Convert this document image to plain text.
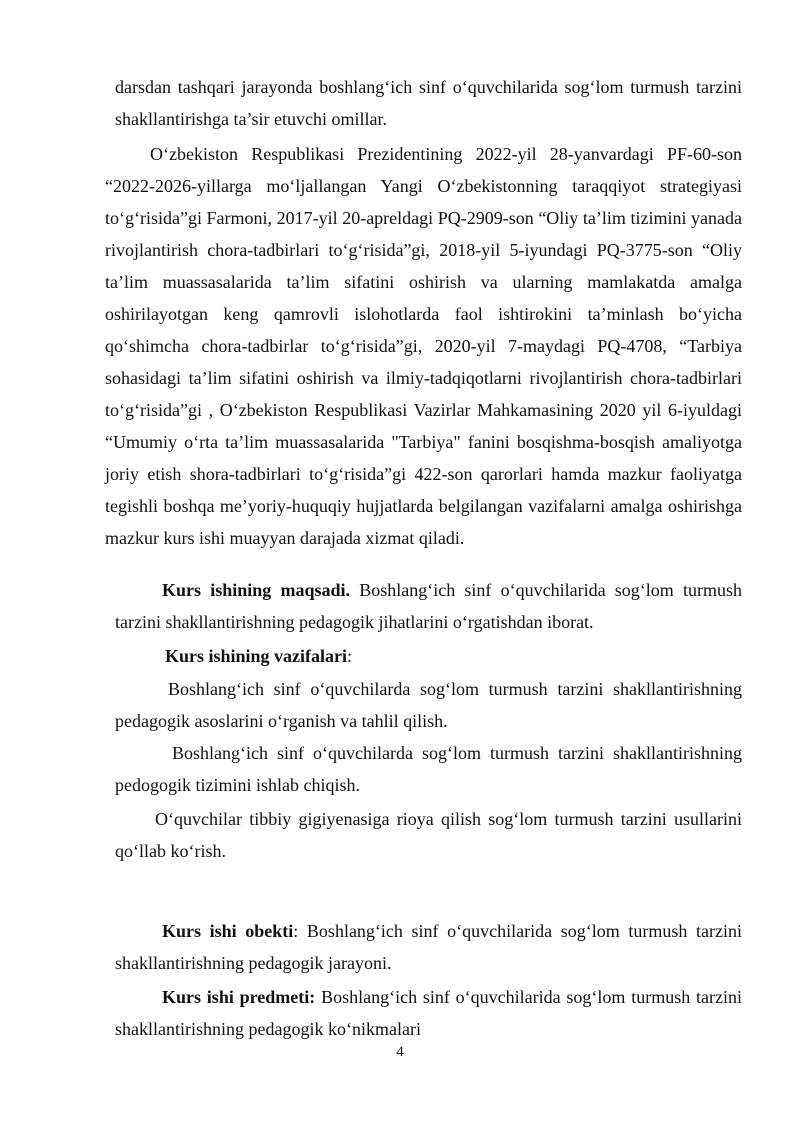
darsdan tashqari jarayonda boshlang‘ich sinf o‘quvchilarida sog‘lom turmush tarzini shakllantirishga ta’sir etuvchi omillar.

O‘zbekiston Respublikasi Prezidentining 2022-yil 28-yanvardagi PF-60-son “2022-2026-yillarga mo‘ljallangan Yangi O‘zbekistonning taraqqiyot strategiyasi to‘g‘risida”gi Farmoni, 2017-yil 20-apreldagi PQ-2909-son “Oliy ta’lim tizimini yanada rivojlantirish chora-tadbirlari to‘g‘risida”gi, 2018-yil 5-iyundagi PQ-3775-son “Oliy ta’lim muassasalarida ta’lim sifatini oshirish va ularning mamlakatda amalga oshirilayotgan keng qamrovli islohotlarda faol ishtirokini ta’minlash bo‘yicha qo‘shimcha chora-tadbirlar to‘g‘risida”gi, 2020-yil 7-maydagi PQ-4708, “Tarbiya sohasidagi ta’lim sifatini oshirish va ilmiy-tadqiqotlarni rivojlantirish chora-tadbirlari to‘g‘risida”gi , O‘zbekiston Respublikasi Vazirlar Mahkamasining 2020 yil 6-iyuldagi “Umumiy o‘rta ta’lim muassasalarida "Tarbiya" fanini bosqishma-bosqish amaliyotga joriy etish shora-tadbirlari to‘g‘risida”gi 422-son qarorlari hamda mazkur faoliyatga tegishli boshqa me’yoriy-huquqiy hujjatlarda belgilangan vazifalarni amalga oshirishga mazkur kurs ishi muayyan darajada xizmat qiladi.

Kurs ishining maqsadi. Boshlang‘ich sinf o‘quvchilarida sog‘lom turmush tarzini shakllantirishning pedagogik jihatlarini o‘rgatishdan iborat.

Kurs ishining vazifalari:

Boshlang‘ich sinf o‘quvchilarda sog‘lom turmush tarzini shakllantirishning pedagogik asoslarini o‘rganish va tahlil qilish.

Boshlang‘ich sinf o‘quvchilarda sog‘lom turmush tarzini shakllantirishning pedogogik tizimini ishlab chiqish.

O‘quvchilar tibbiy gigiyenasiga rioya qilish sog‘lom turmush tarzini usullarini qo‘llab ko‘rish.

Kurs ishi obekti: Boshlang‘ich sinf o‘quvchilarida sog‘lom turmush tarzini shakllantirishning pedagogik jarayoni.

Kurs ishi predmeti: Boshlang‘ich sinf o‘quvchilarida sog‘lom turmush tarzini shakllantirishning pedagogik ko‘nikmalari

4
